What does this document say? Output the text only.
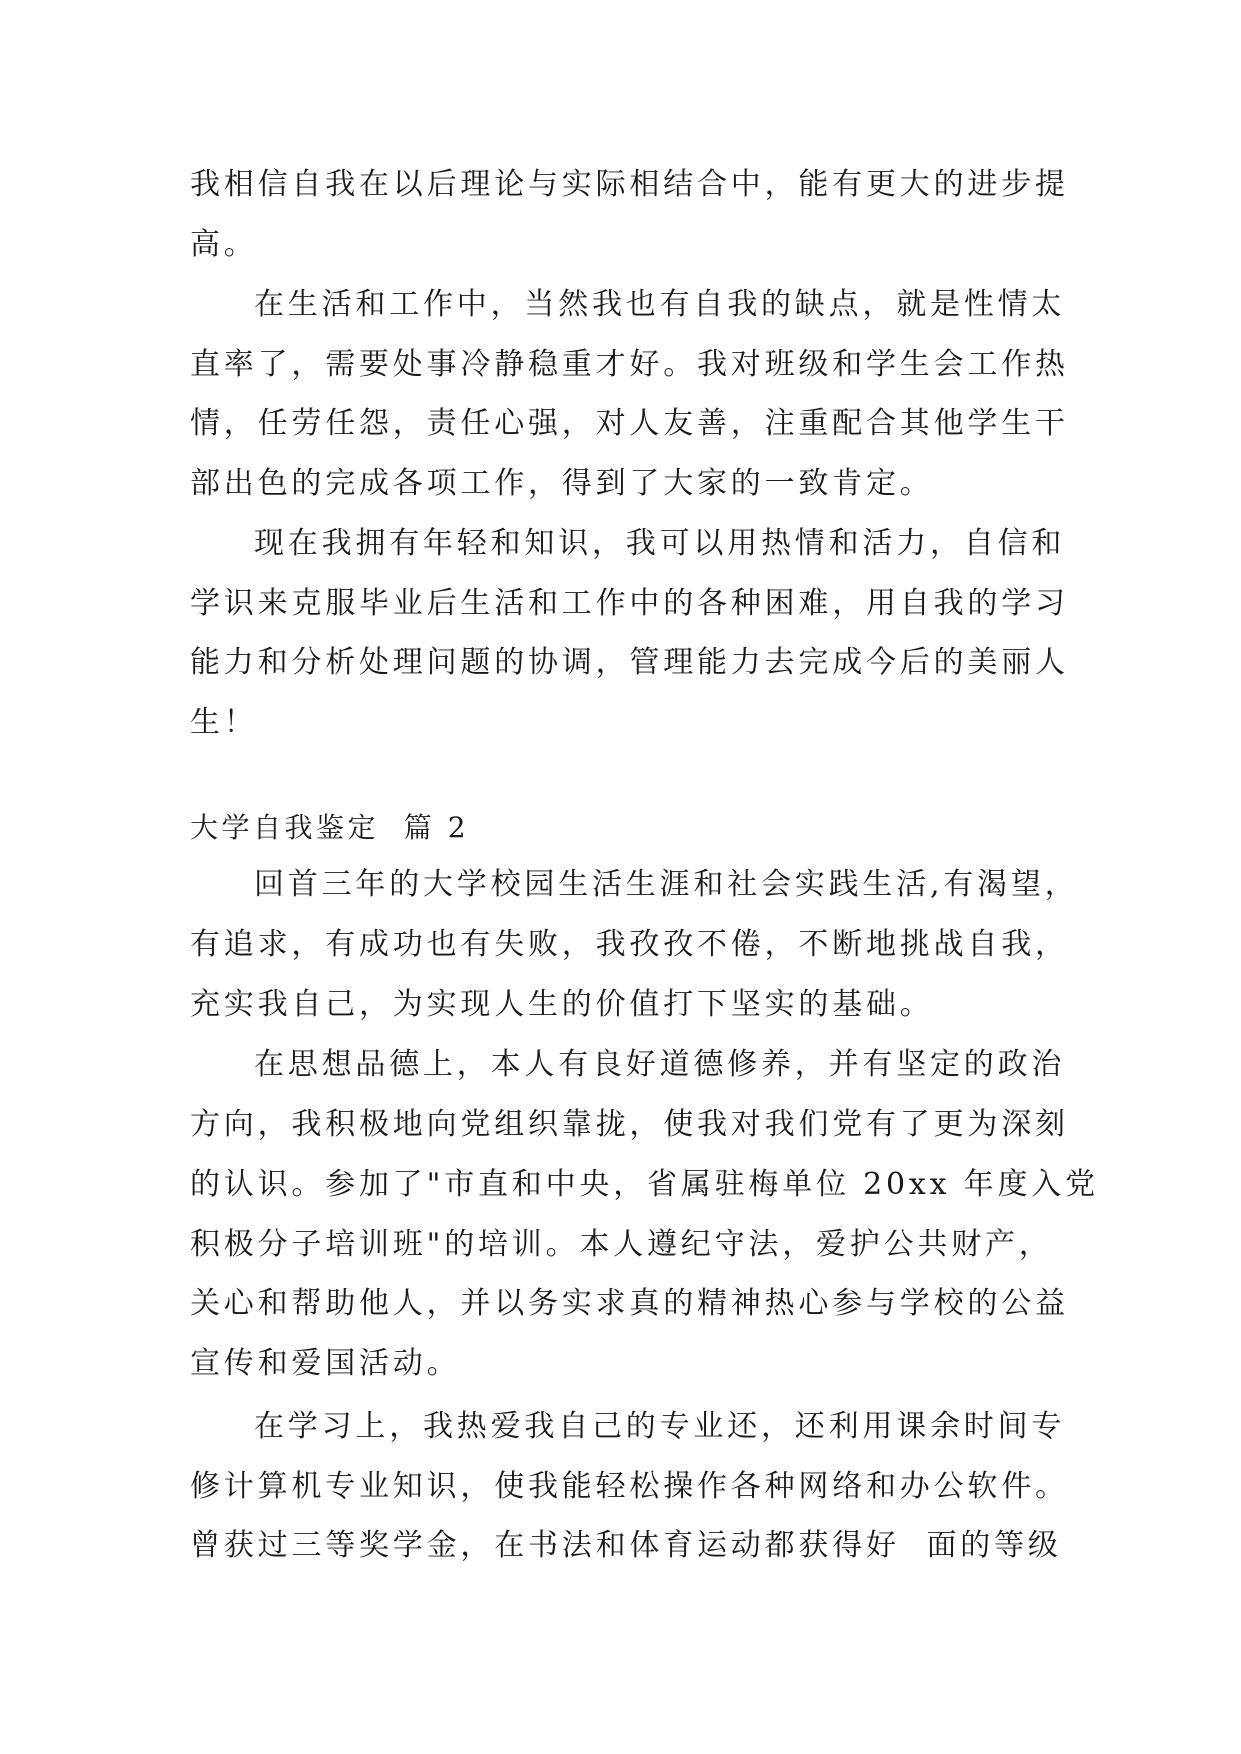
我相信自我在以后理论与实际相结合中，能有更大的进步提
高。
在生活和工作中，当然我也有自我的缺点，就是性情太
直率了，需要处事冷静稳重才好。我对班级和学生会工作热
情，任劳任怨，责任心强，对人友善，注重配合其他学生干
部出色的完成各项工作，得到了大家的一致肯定。
现在我拥有年轻和知识，我可以用热情和活力，自信和
学识来克服毕业后生活和工作中的各种困难，用自我的学习
能力和分析处理问题的协调，管理能力去完成今后的美丽人
生！
大学自我鉴定  篇 2
回首三年的大学校园生活生涯和社会实践生活,有渴望，
有追求，有成功也有失败，我孜孜不倦，不断地挑战自我，
充实我自己，为实现人生的价值打下坚实的基础。
在思想品德上，本人有良好道德修养，并有坚定的政治
方向，我积极地向党组织靠拢，使我对我们党有了更为深刻
的认识。参加了"市直和中央，省属驻梅单位 20xx 年度入党
积极分子培训班"的培训。本人遵纪守法，爱护公共财产，
关心和帮助他人，并以务实求真的精神热心参与学校的公益
宣传和爱国活动。
在学习上，我热爱我自己的专业还，还利用课余时间专
修计算机专业知识，使我能轻松操作各种网络和办公软件。
曾获过三等奖学金，在书法和体育运动都获得好  面的等级
